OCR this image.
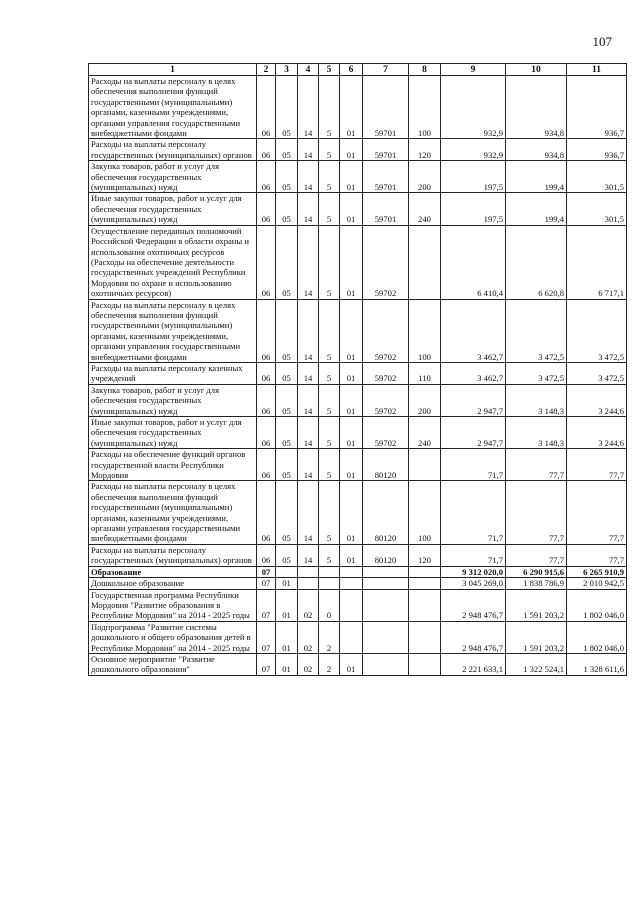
107
1	2	3	4	5	6	7	8	9	10	11
Расходы на выплаты персоналу в целях обеспечения выполнения функций государственными (муниципальными) органами, казенными учреждениями, органами управления государственными внебюджетными фондами	06	05	14	5	01	59701	100	932,9	934,8	936,7
Расходы на выплаты персоналу государственных (муниципальных) органов	06	05	14	5	01	59701	120	932,9	934,8	936,7
Закупка товаров, работ и услуг для обеспечения государственных (муниципальных) нужд	06	05	14	5	01	59701	200	197,5	199,4	301,5
Иные закупки товаров, работ и услуг для обеспечения государственных (муниципальных) нужд	06	05	14	5	01	59701	240	197,5	199,4	301,5
Осуществление переданных полномочий Российской Федерации в области охраны и использования охотничьих ресурсов (Расходы на обеспечение деятельности государственных учреждений Республики Мордовия по охране и использованию охотничьих ресурсов)	06	05	14	5	01	59702		6 410,4	6 620,8	6 717,1
Расходы на выплаты персоналу в целях обеспечения выполнения функций государственными (муниципальными) органами, казенными учреждениями, органами управления государственными внебюджетными фондами	06	05	14	5	01	59702	100	3 462,7	3 472,5	3 472,5
Расходы на выплаты персоналу казенных учреждений	06	05	14	5	01	59702	110	3 462,7	3 472,5	3 472,5
Закупка товаров, работ и услуг для обеспечения государственных (муниципальных) нужд	06	05	14	5	01	59702	200	2 947,7	3 148,3	3 244,6
Иные закупки товаров, работ и услуг для обеспечения государственных (муниципальных) нужд	06	05	14	5	01	59702	240	2 947,7	3 148,3	3 244,6
Расходы на обеспечение функций органов государственной власти Республики Мордовия	06	05	14	5	01	80120		71,7	77,7	77,7
Расходы на выплаты персоналу в целях обеспечения выполнения функций государственными (муниципальными) органами, казенными учреждениями, органами управления государственными внебюджетными фондами	06	05	14	5	01	80120	100	71,7	77,7	77,7
Расходы на выплаты персоналу государственных (муниципальных) органов	06	05	14	5	01	80120	120	71,7	77,7	77,7
Образование	07							9 312 020,0	6 290 915,6	6 265 910,9
Дошкольное образование	07	01						3 045 269,0	1 838 786,9	2 010 942,5
Государственная программа Республики Мордовия "Развитие образования в Республике Мордовия" на 2014 - 2025 годы	07	01	02	0				2 948 476,7	1 591 203,2	1 802 046,0
Подпрограмма "Развитие системы дошкольного и общего образования детей в Республике Мордовия" на 2014 - 2025 годы	07	01	02	2				2 948 476,7	1 591 203,2	1 802 046,0
Основное мероприятие "Развитие дошкольного образования"	07	01	02	2	01			2 221 633,1	1 322 524,1	1 328 611,6
